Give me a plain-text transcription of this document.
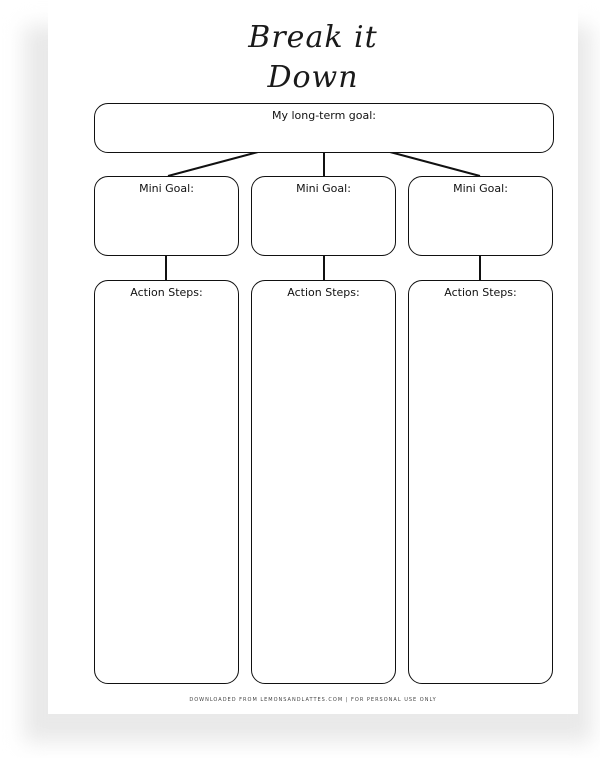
Break it
Down
My long-term goal:
Mini Goal:	Mini Goal:	Mini Goal:
Action Steps:	Action Steps:	Action Steps:
DOWNLOADED FROM LEMONSANDLATTES.COM | FOR PERSONAL USE ONLY
